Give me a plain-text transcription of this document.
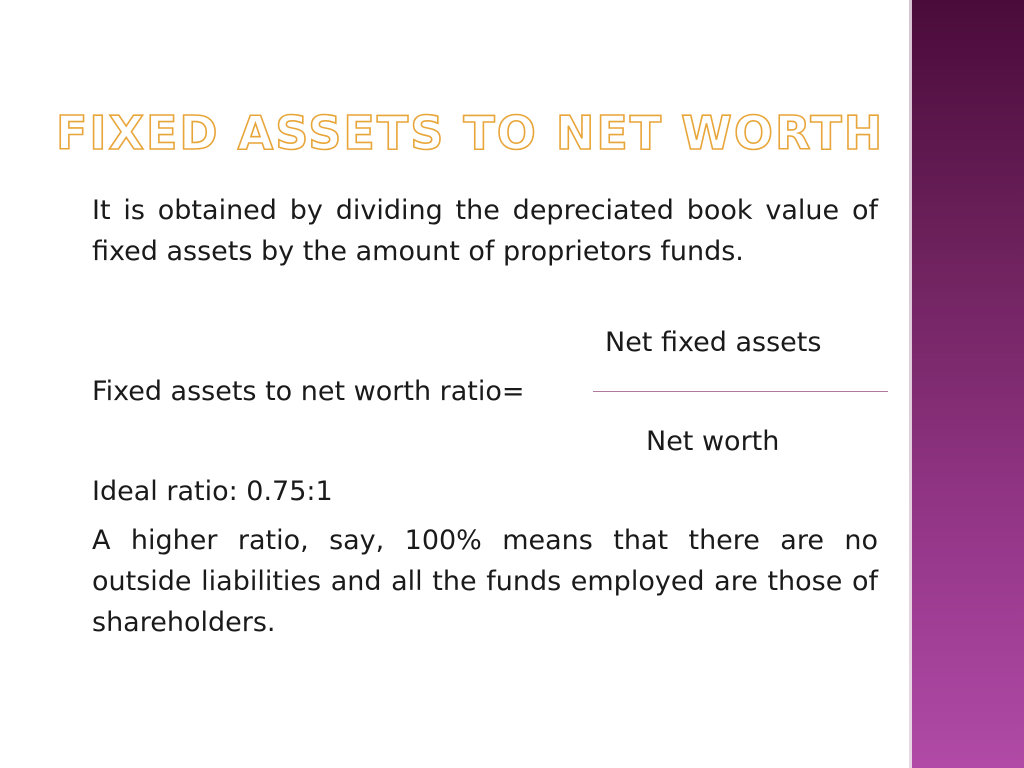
FIXED ASSETS TO NET WORTH

It is obtained by dividing the depreciated book value of fixed assets by the amount of proprietors funds.

Net fixed assets
Fixed assets to net worth ratio=
Net worth
Ideal ratio: 0.75:1

A higher ratio, say, 100% means that there are no outside liabilities and all the funds employed are those of shareholders.
